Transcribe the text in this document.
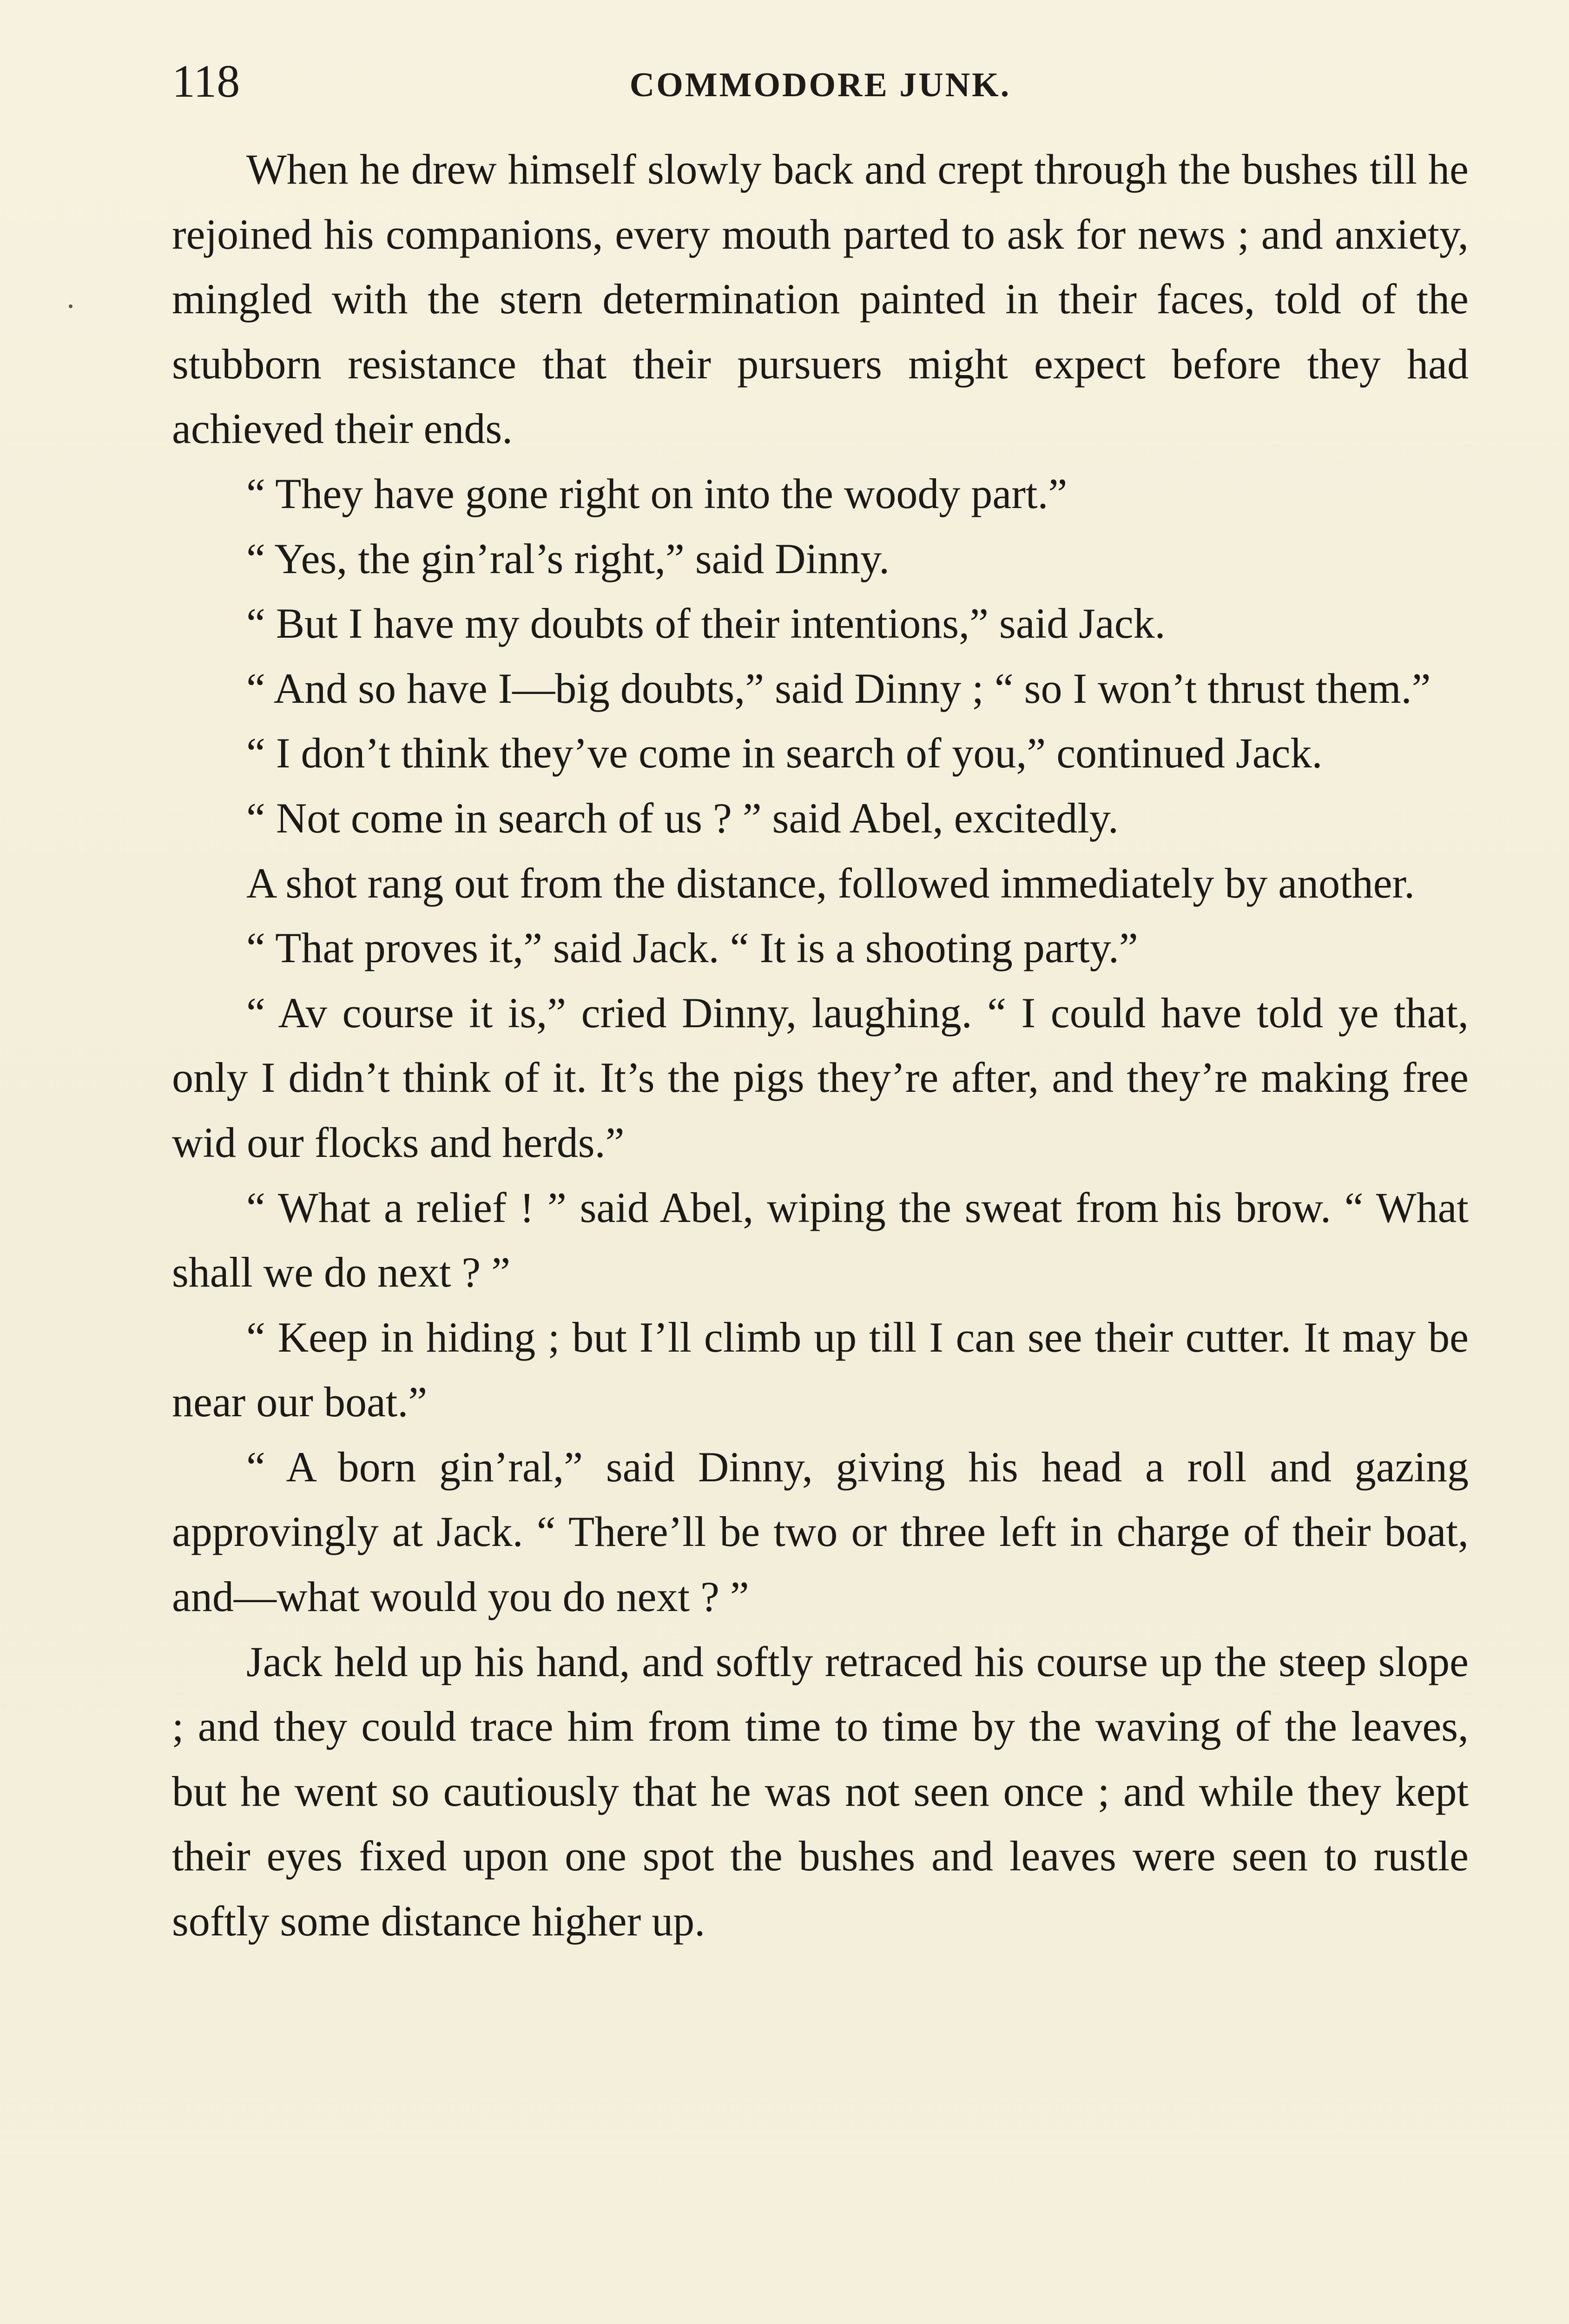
118	COMMODORE JUNK.

When he drew himself slowly back and crept through the bushes till he rejoined his companions, every mouth parted to ask for news ; and anxiety, mingled with the stern determination painted in their faces, told of the stubborn resistance that their pursuers might expect before they had achieved their ends.

“ They have gone right on into the woody part.”

“ Yes, the gin’ral’s right,” said Dinny.

“ But I have my doubts of their intentions,” said Jack.

“ And so have I—big doubts,” said Dinny ; “ so I won’t thrust them.”

“ I don’t think they’ve come in search of you,” continued Jack.

“ Not come in search of us ? ” said Abel, excitedly.

A shot rang out from the distance, followed immediately by another.

“ That proves it,” said Jack. “ It is a shooting party.”

“ Av course it is,” cried Dinny, laughing. “ I could have told ye that, only I didn’t think of it. It’s the pigs they’re after, and they’re making free wid our flocks and herds.”

“ What a relief ! ” said Abel, wiping the sweat from his brow. “ What shall we do next ? ”

“ Keep in hiding ; but I’ll climb up till I can see their cutter. It may be near our boat.”

“ A born gin’ral,” said Dinny, giving his head a roll and gazing approvingly at Jack. “ There’ll be two or three left in charge of their boat, and—what would you do next ? ”

Jack held up his hand, and softly retraced his course up the steep slope ; and they could trace him from time to time by the waving of the leaves, but he went so cautiously that he was not seen once ; and while they kept their eyes fixed upon one spot the bushes and leaves were seen to rustle softly some distance higher up.
